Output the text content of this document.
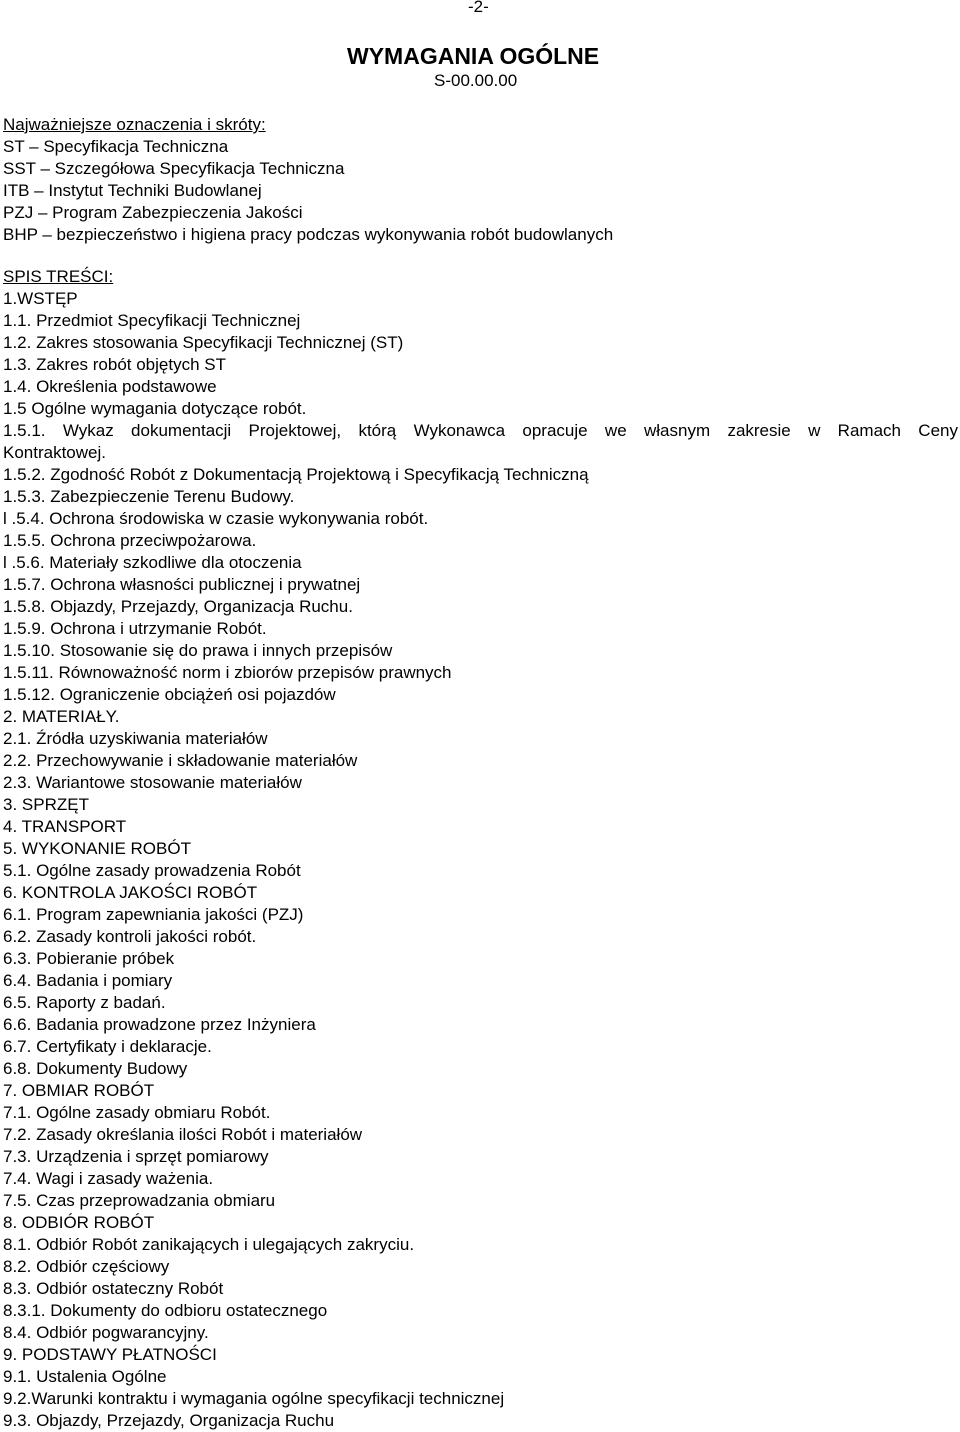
-2-
WYMAGANIA OGÓLNE
S-00.00.00
Najważniejsze oznaczenia i skróty:
ST – Specyfikacja Techniczna
SST – Szczegółowa Specyfikacja Techniczna
ITB – Instytut Techniki Budowlanej
PZJ – Program Zabezpieczenia Jakości
BHP – bezpieczeństwo i higiena pracy podczas wykonywania robót budowlanych
SPIS TREŚCI:
1.WSTĘP
1.1. Przedmiot Specyfikacji Technicznej
1.2. Zakres stosowania Specyfikacji Technicznej (ST)
1.3. Zakres robót objętych ST
1.4. Określenia podstawowe
1.5 Ogólne wymagania dotyczące robót.
1.5.1. Wykaz dokumentacji Projektowej, którą Wykonawca opracuje we własnym zakresie w Ramach Ceny
Kontraktowej.
1.5.2. Zgodność Robót z Dokumentacją Projektową i Specyfikacją Techniczną
1.5.3. Zabezpieczenie Terenu Budowy.
l .5.4. Ochrona środowiska w czasie wykonywania robót.
1.5.5. Ochrona przeciwpożarowa.
l .5.6. Materiały szkodliwe dla otoczenia
1.5.7. Ochrona własności publicznej i prywatnej
1.5.8. Objazdy, Przejazdy, Organizacja Ruchu.
1.5.9. Ochrona i utrzymanie Robót.
1.5.10. Stosowanie się do prawa i innych przepisów
1.5.11. Równoważność norm i zbiorów przepisów prawnych
1.5.12. Ograniczenie obciążeń osi pojazdów
2. MATERIAŁY.
2.1. Źródła uzyskiwania materiałów
2.2. Przechowywanie i składowanie materiałów
2.3. Wariantowe stosowanie materiałów
3. SPRZĘT
4. TRANSPORT
5. WYKONANIE ROBÓT
5.1. Ogólne zasady prowadzenia Robót
6. KONTROLA JAKOŚCI ROBÓT
6.1. Program zapewniania jakości (PZJ)
6.2. Zasady kontroli jakości robót.
6.3. Pobieranie próbek
6.4. Badania i pomiary
6.5. Raporty z badań.
6.6. Badania prowadzone przez Inżyniera
6.7. Certyfikaty i deklaracje.
6.8. Dokumenty Budowy
7. OBMIAR ROBÓT
7.1. Ogólne zasady obmiaru Robót.
7.2. Zasady określania ilości Robót i materiałów
7.3. Urządzenia i sprzęt pomiarowy
7.4. Wagi i zasady ważenia.
7.5. Czas przeprowadzania obmiaru
8. ODBIÓR ROBÓT
8.1. Odbiór Robót zanikających i ulegających zakryciu.
8.2. Odbiór częściowy
8.3. Odbiór ostateczny Robót
8.3.1. Dokumenty do odbioru ostatecznego
8.4. Odbiór pogwarancyjny.
9. PODSTAWY PŁATNOŚCI
9.1. Ustalenia Ogólne
9.2.Warunki kontraktu i wymagania ogólne specyfikacji technicznej
9.3. Objazdy, Przejazdy, Organizacja Ruchu
